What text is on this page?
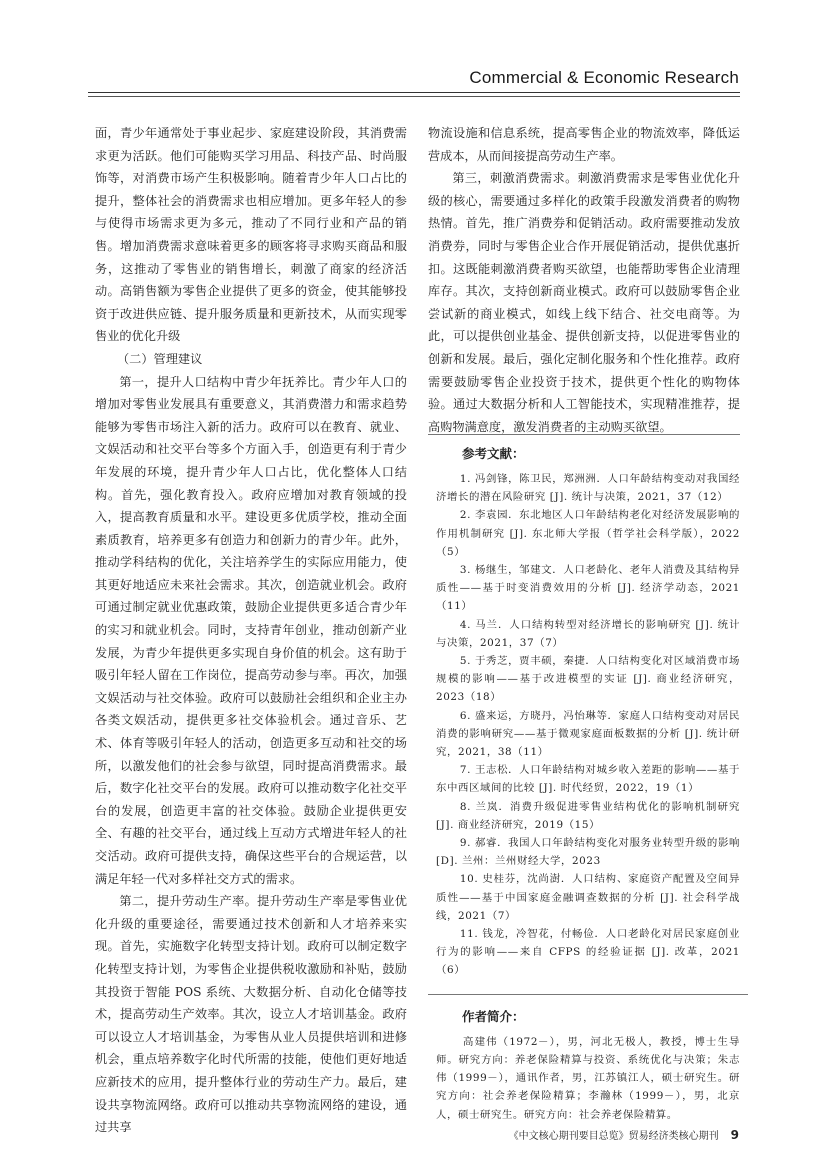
Commercial & Economic Research

面，青少年通常处于事业起步、家庭建设阶段，其消费需求更为活跃。他们可能购买学习用品、科技产品、时尚服饰等，对消费市场产生积极影响。随着青少年人口占比的提升，整体社会的消费需求也相应增加。更多年轻人的参与使得市场需求更为多元，推动了不同行业和产品的销售。增加消费需求意味着更多的顾客将寻求购买商品和服务，这推动了零售业的销售增长，刺激了商家的经济活动。高销售额为零售企业提供了更多的资金，使其能够投资于改进供应链、提升服务质量和更新技术，从而实现零售业的优化升级

（二）管理建议

第一，提升人口结构中青少年抚养比。青少年人口的增加对零售业发展具有重要意义，其消费潜力和需求趋势能够为零售市场注入新的活力。政府可以在教育、就业、文娱活动和社交平台等多个方面入手，创造更有利于青少年发展的环境，提升青少年人口占比，优化整体人口结构。首先，强化教育投入。政府应增加对教育领域的投入，提高教育质量和水平。建设更多优质学校，推动全面素质教育，培养更多有创造力和创新力的青少年。此外，推动学科结构的优化，关注培养学生的实际应用能力，使其更好地适应未来社会需求。其次，创造就业机会。政府可通过制定就业优惠政策，鼓励企业提供更多适合青少年的实习和就业机会。同时，支持青年创业，推动创新产业发展，为青少年提供更多实现自身价值的机会。这有助于吸引年轻人留在工作岗位，提高劳动参与率。再次，加强文娱活动与社交体验。政府可以鼓励社会组织和企业主办各类文娱活动，提供更多社交体验机会。通过音乐、艺术、体育等吸引年轻人的活动，创造更多互动和社交的场所，以激发他们的社会参与欲望，同时提高消费需求。最后，数字化社交平台的发展。政府可以推动数字化社交平台的发展，创造更丰富的社交体验。鼓励企业提供更安全、有趣的社交平台，通过线上互动方式增进年轻人的社交活动。政府可提供支持，确保这些平台的合规运营，以满足年轻一代对多样社交方式的需求。

第二，提升劳动生产率。提升劳动生产率是零售业优化升级的重要途径，需要通过技术创新和人才培养来实现。首先，实施数字化转型支持计划。政府可以制定数字化转型支持计划，为零售企业提供税收激励和补贴，鼓励其投资于智能 POS 系统、大数据分析、自动化仓储等技术，提高劳动生产效率。其次，设立人才培训基金。政府可以设立人才培训基金，为零售从业人员提供培训和进修机会，重点培养数字化时代所需的技能，使他们更好地适应新技术的应用，提升整体行业的劳动生产力。最后，建设共享物流网络。政府可以推动共享物流网络的建设，通过共享

物流设施和信息系统，提高零售企业的物流效率，降低运营成本，从而间接提高劳动生产率。

第三，刺激消费需求。刺激消费需求是零售业优化升级的核心，需要通过多样化的政策手段激发消费者的购物热情。首先，推广消费券和促销活动。政府需要推动发放消费券，同时与零售企业合作开展促销活动，提供优惠折扣。这既能刺激消费者购买欲望，也能帮助零售企业清理库存。其次，支持创新商业模式。政府可以鼓励零售企业尝试新的商业模式，如线上线下结合、社交电商等。为此，可以提供创业基金、提供创新支持，以促进零售业的创新和发展。最后，强化定制化服务和个性化推荐。政府需要鼓励零售企业投资于技术，提供更个性化的购物体验。通过大数据分析和人工智能技术，实现精准推荐，提高购物满意度，激发消费者的主动购买欲望。

参考文献：

1. 冯剑锋，陈卫民，郑洲洲．人口年龄结构变动对我国经济增长的潜在风险研究 [J]. 统计与决策，2021，37（12）

2. 李袁园．东北地区人口年龄结构老化对经济发展影响的作用机制研究 [J]. 东北师大学报（哲学社会科学版），2022（5）

3. 杨继生，邹建文．人口老龄化、老年人消费及其结构异质性——基于时变消费效用的分析 [J]. 经济学动态，2021（11）

4. 马兰．人口结构转型对经济增长的影响研究 [J]. 统计与决策，2021，37（7）

5. 于秀芝，贾丰硕，秦捷．人口结构变化对区域消费市场规模的影响——基于改进模型的实证 [J]. 商业经济研究，2023（18）

6. 盛来运，方晓丹，冯怡琳等．家庭人口结构变动对居民消费的影响研究——基于微观家庭面板数据的分析 [J]. 统计研究，2021，38（11）

7. 王志松．人口年龄结构对城乡收入差距的影响——基于东中西区域间的比较 [J]. 时代经贸，2022，19（1）

8. 兰岚．消费升级促进零售业结构优化的影响机制研究 [J]. 商业经济研究，2019（15）

9. 郝睿．我国人口年龄结构变化对服务业转型升级的影响 [D]. 兰州：兰州财经大学，2023

10. 史桂芬，沈尚澍．人口结构、家庭资产配置及空间异质性——基于中国家庭金融调查数据的分析 [J]. 社会科学战线，2021（7）

11. 钱龙，冷智花，付畅俭．人口老龄化对居民家庭创业行为的影响——来自 CFPS 的经验证据 [J]. 改革，2021（6）

作者简介：

高建伟（1972－），男，河北无极人，教授，博士生导师。研究方向：养老保险精算与投资、系统优化与决策；朱志伟（1999－），通讯作者，男，江苏镇江人，硕士研究生。研究方向：社会养老保险精算；李瀚林（1999－），男，北京人，硕士研究生。研究方向：社会养老保险精算。

《中文核心期刊要目总览》贸易经济类核心期刊 9
